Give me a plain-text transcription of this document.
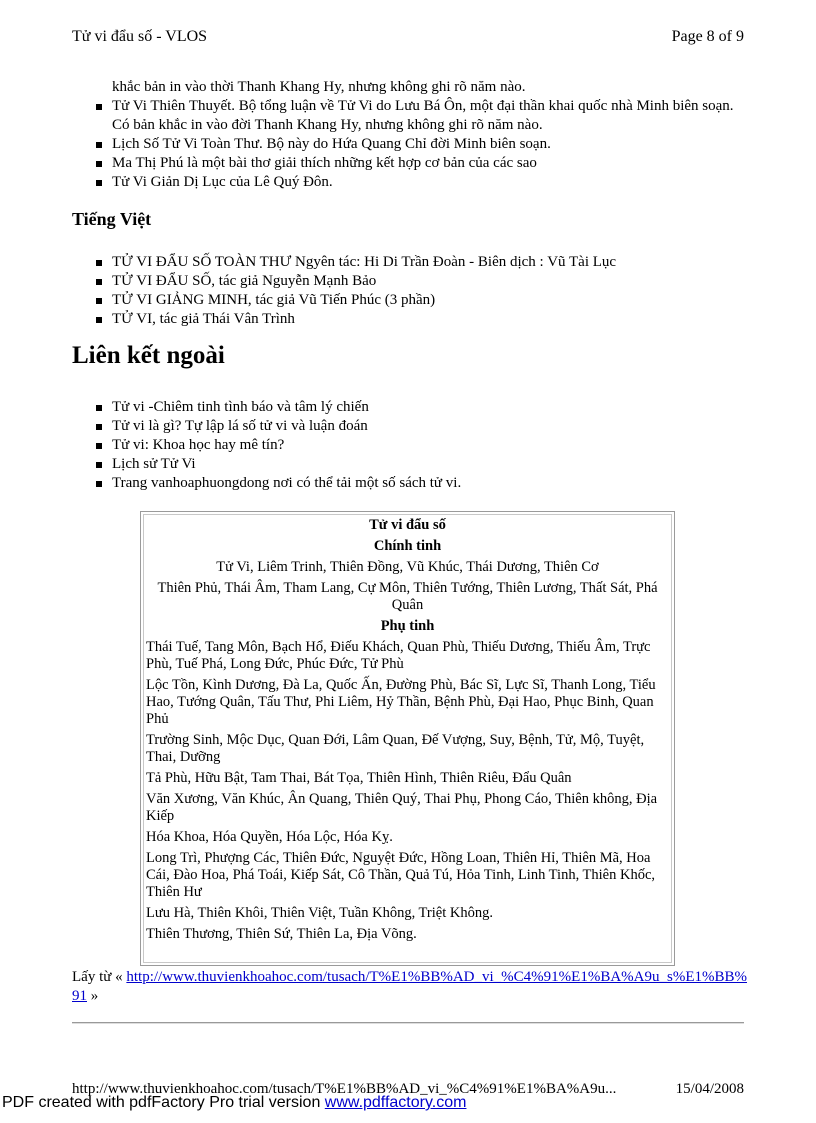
Tử vi đẩu số - VLOS	Page 8 of 9
khắc bản in vào thời Thanh Khang Hy, nhưng không ghi rõ năm nào.
Tử Vi Thiên Thuyết. Bộ tổng luận về Tử Vi do Lưu Bá Ôn, một đại thần khai quốc nhà Minh biên soạn. Có bản khắc in vào đời Thanh Khang Hy, nhưng không ghi rõ năm nào.
Lịch Số Tử Vi Toàn Thư. Bộ này do Hứa Quang Chỉ đời Minh biên soạn.
Ma Thị Phú là một bài thơ giải thích những kết hợp cơ bản của các sao
Tử Vi Giản Dị Lục của Lê Quý Đôn.
Tiếng Việt
TỬ VI ĐẨU SỐ TOÀN THƯ Ngyên tác: Hi Di Trần Đoàn - Biên dịch : Vũ Tài Lục
TỬ VI ĐẨU SỐ, tác giả Nguyễn Mạnh Bảo
TỬ VI GIẢNG MINH, tác giả Vũ Tiến Phúc (3 phần)
TỬ VI, tác giả Thái Vân Trình
Liên kết ngoài
Tử vi -Chiêm tinh tình báo và tâm lý chiến
Tử vi là gì? Tự lập lá số tử vi và luận đoán
Tử vi: Khoa học hay mê tín?
Lịch sử Tử Vi
Trang vanhoaphuongdong nơi có thể tải một số sách tử vi.
Tử vi đẩu số
Chính tinh
Tử Vi, Liêm Trinh, Thiên Đồng, Vũ Khúc, Thái Dương, Thiên Cơ
Thiên Phủ, Thái Âm, Tham Lang, Cự Môn, Thiên Tướng, Thiên Lương, Thất Sát, Phá Quân
Phụ tinh
Thái Tuế, Tang Môn, Bạch Hổ, Điếu Khách, Quan Phù, Thiếu Dương, Thiếu Âm, Trực Phù, Tuế Phá, Long Đức, Phúc Đức, Tử Phù
Lộc Tồn, Kình Dương, Đà La, Quốc Ấn, Đường Phù, Bác Sĩ, Lực Sĩ, Thanh Long, Tiểu Hao, Tướng Quân, Tấu Thư, Phi Liêm, Hỷ Thần, Bệnh Phù, Đại Hao, Phục Binh, Quan Phủ
Trường Sinh, Mộc Dục, Quan Đới, Lâm Quan, Đế Vượng, Suy, Bệnh, Tử, Mộ, Tuyệt, Thai, Dưỡng
Tả Phù, Hữu Bật, Tam Thai, Bát Tọa, Thiên Hình, Thiên Riêu, Đẩu Quân
Văn Xương, Văn Khúc, Ân Quang, Thiên Quý, Thai Phụ, Phong Cáo, Thiên không, Địa Kiếp
Hóa Khoa, Hóa Quyền, Hóa Lộc, Hóa Kỵ.
Long Trì, Phượng Các, Thiên Đức, Nguyệt Đức, Hồng Loan, Thiên Hỉ, Thiên Mã, Hoa Cái, Đào Hoa, Phá Toái, Kiếp Sát, Cô Thần, Quả Tú, Hỏa Tinh, Linh Tinh, Thiên Khốc, Thiên Hư
Lưu Hà, Thiên Khôi, Thiên Việt, Tuần Không, Triệt Không.
Thiên Thương, Thiên Sứ, Thiên La, Địa Võng.
Lấy từ « http://www.thuvienkhoahoc.com/tusach/T%E1%BB%AD_vi_%C4%91%E1%BA%A9u_s%E1%BB%91 »
http://www.thuvienkhoahoc.com/tusach/T%E1%BB%AD_vi_%C4%91%E1%BA%A9u...	15/04/2008
PDF created with pdfFactory Pro trial version www.pdffactory.com
